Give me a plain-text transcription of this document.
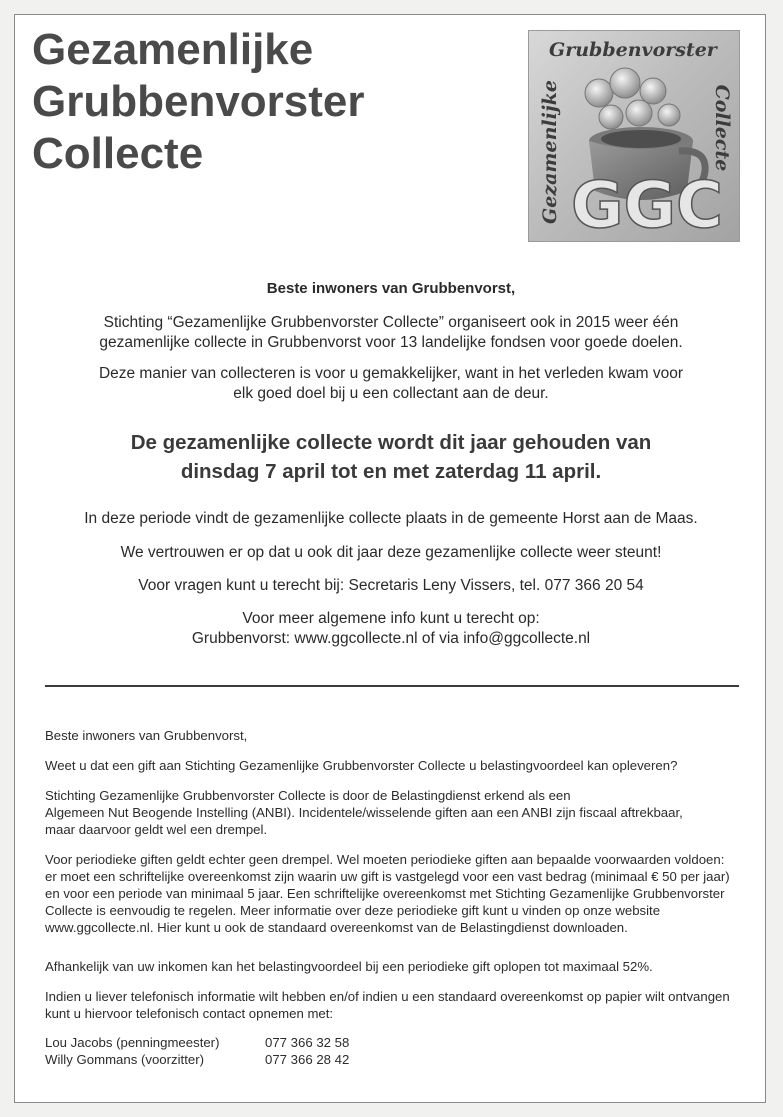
Gezamenlijke
Grubbenvorster
Collecte
Grubbenvorster
Gezamenlijke	Collecte
GGC
Beste inwoners van Grubbenvorst,

Stichting “Gezamenlijke Grubbenvorster Collecte” organiseert ook in 2015 weer één

gezamenlijke collecte in Grubbenvorst voor 13 landelijke fondsen voor goede doelen.

Deze manier van collecteren is voor u gemakkelijker, want in het verleden kwam voor

elk goed doel bij u een collectant aan de deur.

De gezamenlijke collecte wordt dit jaar gehouden van

dinsdag 7 april tot en met zaterdag 11 april.

In deze periode vindt de gezamenlijke collecte plaats in de gemeente Horst aan de Maas.
We vertrouwen er op dat u ook dit jaar deze gezamenlijke collecte weer steunt!
Voor vragen kunt u terecht bij: Secretaris Leny Vissers, tel. 077 366 20 54

Voor meer algemene info kunt u terecht op:

Grubbenvorst: www.ggcollecte.nl of via info@ggcollecte.nl

Beste inwoners van Grubbenvorst,
Weet u dat een gift aan Stichting Gezamenlijke Grubbenvorster Collecte u belastingvoordeel kan opleveren?

Stichting Gezamenlijke Grubbenvorster Collecte is door de Belastingdienst erkend als een

Algemeen Nut Beogende Instelling (ANBI). Incidentele/wisselende giften aan een ANBI zijn fiscaal aftrekbaar,

maar daarvoor geldt wel een drempel.

Voor periodieke giften geldt echter geen drempel. Wel moeten periodieke giften aan bepaalde voorwaarden voldoen:

er moet een schriftelijke overeenkomst zijn waarin uw gift is vastgelegd voor een vast bedrag (minimaal € 50 per jaar)

en voor een periode van minimaal 5 jaar. Een schriftelijke overeenkomst met Stichting Gezamenlijke Grubbenvorster

Collecte is eenvoudig te regelen. Meer informatie over deze periodieke gift kunt u vinden op onze website

www.ggcollecte.nl. Hier kunt u ook de standaard overeenkomst van de Belastingdienst downloaden.

Afhankelijk van uw inkomen kan het belastingvoordeel bij een periodieke gift oplopen tot maximaal 52%.

Indien u liever telefonisch informatie wilt hebben en/of indien u een standaard overeenkomst op papier wilt ontvangen

kunt u hiervoor telefonisch contact opnemen met:

Lou Jacobs (penningmeester)	077 366 32 58
Willy Gommans (voorzitter)	077 366 28 42
